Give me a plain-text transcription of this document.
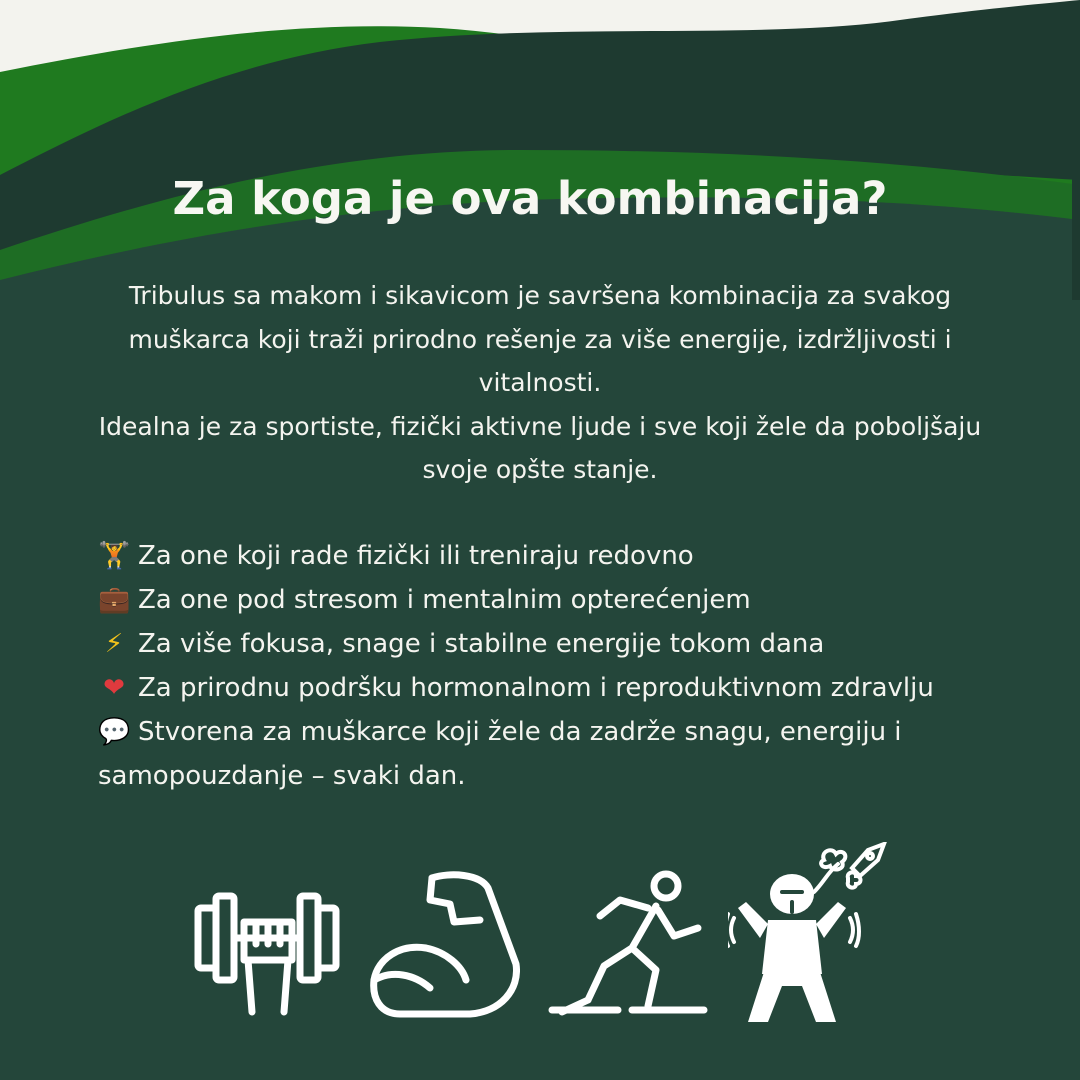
Za koga je ova kombinacija?

Tribulus sa makom i sikavicom je savršena kombinacija za svakog muškarca koji traži prirodno rešenje za više energije, izdržljivosti i vitalnosti.

Idealna je za sportiste, fizički aktivne ljude i sve koji žele da poboljšaju svoje opšte stanje.

🏋 Za one koji rade fizički ili treniraju redovno
💼 Za one pod stresom i mentalnim opterećenjem
⚡ Za više fokusa, snage i stabilne energije tokom dana
❤ Za prirodnu podršku hormonalnom i reproduktivnom zdravlju
💬 Stvorena za muškarce koji žele da zadrže snagu, energiju i samopouzdanje – svaki dan.
